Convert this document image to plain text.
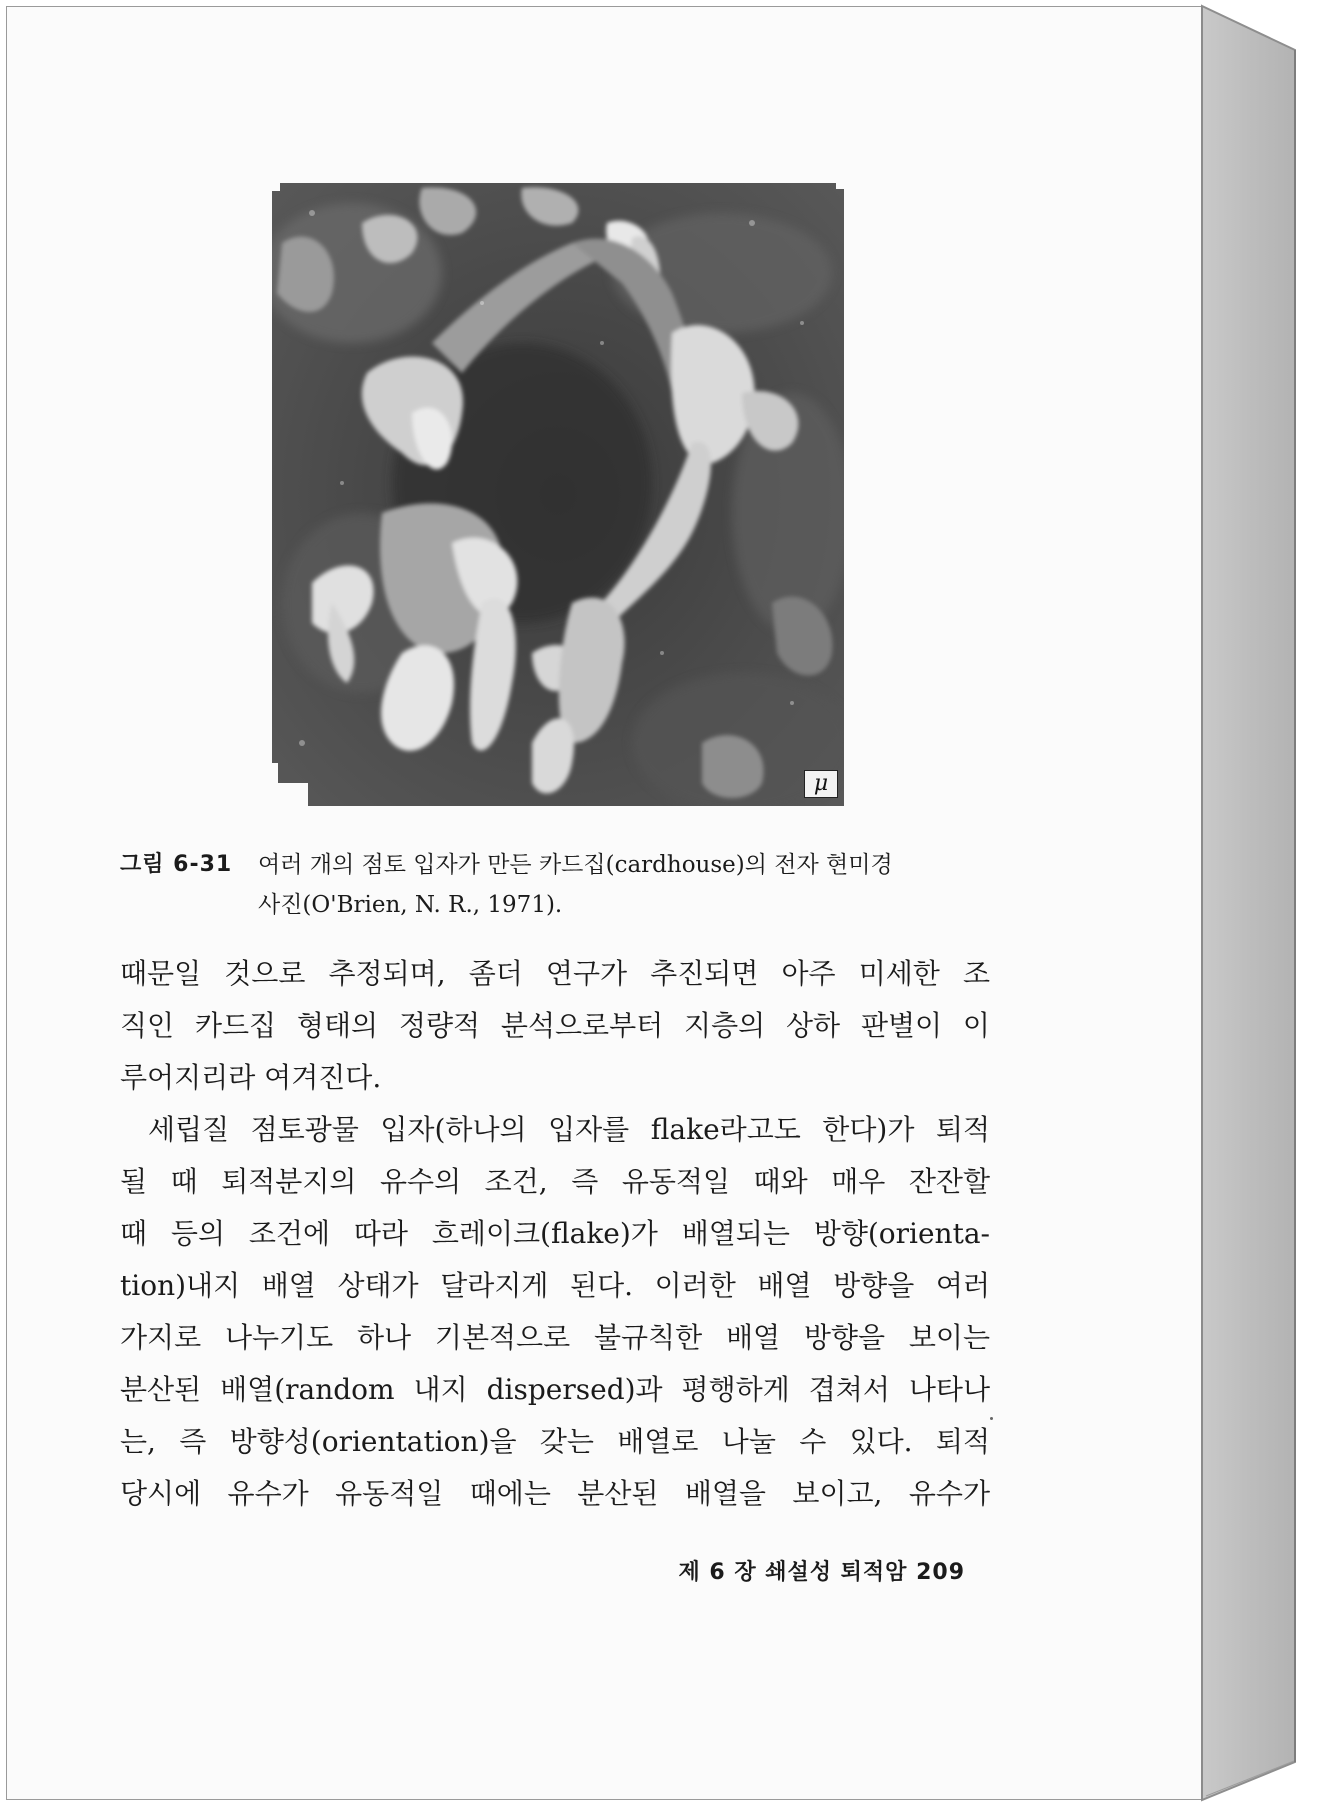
μ
그림 6-31 여러 개의 점토 입자가 만든 카드집(cardhouse)의 전자 현미경
사진(O'Brien, N. R., 1971).
때문일 것으로 추정되며, 좀더 연구가 추진되면 아주 미세한 조
직인 카드집 형태의 정량적 분석으로부터 지층의 상하 판별이 이
루어지리라 여겨진다.
세립질 점토광물 입자(하나의 입자를 flake라고도 한다)가 퇴적
될 때 퇴적분지의 유수의 조건, 즉 유동적일 때와 매우 잔잔할
때 등의 조건에 따라 흐레이크(flake)가 배열되는 방향(orienta-
tion)내지 배열 상태가 달라지게 된다. 이러한 배열 방향을 여러
가지로 나누기도 하나 기본적으로 불규칙한 배열 방향을 보이는
분산된 배열(random 내지 dispersed)과 평행하게 겹쳐서 나타나
는, 즉 방향성(orientation)을 갖는 배열로 나눌 수 있다. 퇴적
당시에 유수가 유동적일 때에는 분산된 배열을 보이고, 유수가
제 6 장 쇄설성 퇴적암 209
